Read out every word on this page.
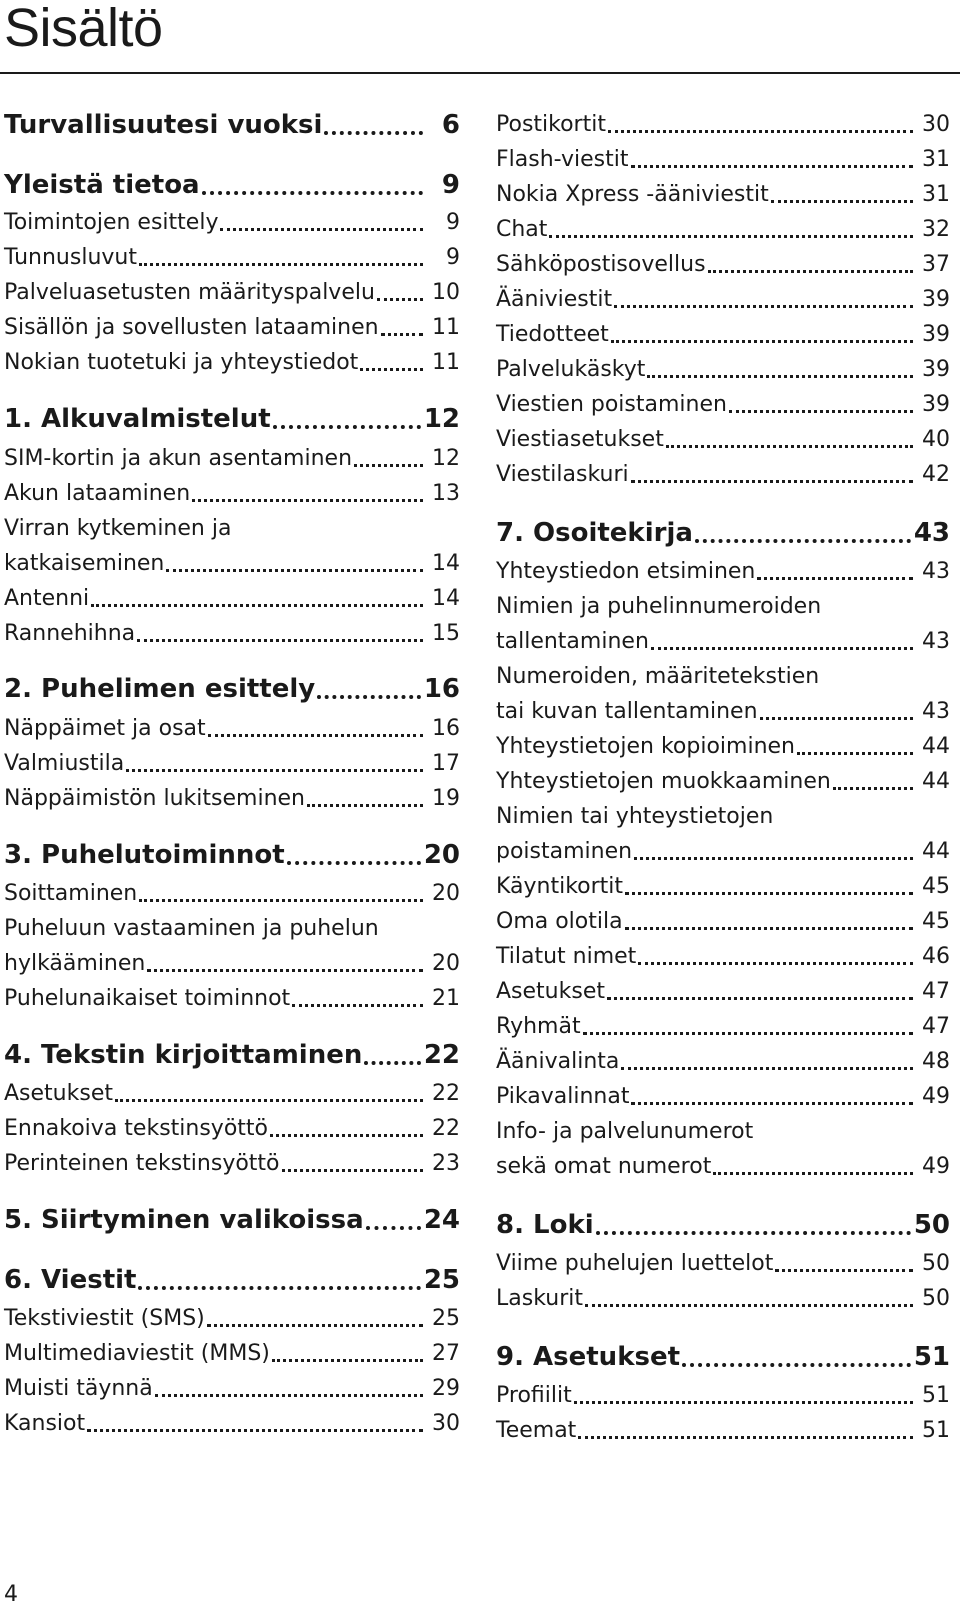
Sisältö
Turvallisuutesi vuoksi	6
Yleistä tietoa	9
Toimintojen esittely	9
Tunnusluvut	9
Palveluasetusten määrityspalvelu	10
Sisällön ja sovellusten lataaminen 11
Nokian tuotetuki ja yhteystiedot	11
1. Alkuvalmistelut	12
SIM-kortin ja akun asentaminen	12
Akun lataaminen	13
Virran kytkeminen ja
katkaiseminen	14
Antenni	14
Rannehihna	15
2. Puhelimen esittely	16
Näppäimet ja osat	16
Valmiustila	17
Näppäimistön lukitseminen	19
3. Puhelutoiminnot	20
Soittaminen	20
Puheluun vastaaminen ja puhelun
hylkääminen	20
Puhelunaikaiset toiminnot	21
4. Tekstin kirjoittaminen 22
Asetukset	22
Ennakoiva tekstinsyöttö	22
Perinteinen tekstinsyöttö	23
5. Siirtyminen valikoissa 24
6. Viestit	25
Tekstiviestit (SMS)	25
Multimediaviestit (MMS)	27
Muisti täynnä	29
Kansiot	30
Postikortit	30
Flash-viestit	31
Nokia Xpress -ääniviestit	31
Chat	32
Sähköpostisovellus	37
Ääniviestit	39
Tiedotteet	39
Palvelukäskyt	39
Viestien poistaminen	39
Viestiasetukset	40
Viestilaskuri	42
7. Osoitekirja	43
Yhteystiedon etsiminen	43
Nimien ja puhelinnumeroiden
tallentaminen	43
Numeroiden, määritetekstien
tai kuvan tallentaminen	43
Yhteystietojen kopioiminen	44
Yhteystietojen muokkaaminen	44
Nimien tai yhteystietojen
poistaminen	44
Käyntikortit	45
Oma olotila	45
Tilatut nimet	46
Asetukset	47
Ryhmät	47
Äänivalinta	48
Pikavalinnat	49
Info- ja palvelunumerot
sekä omat numerot	49
8. Loki	50
Viime puhelujen luettelot	50
Laskurit	50
9. Asetukset	51
Profiilit	51
Teemat	51
4
